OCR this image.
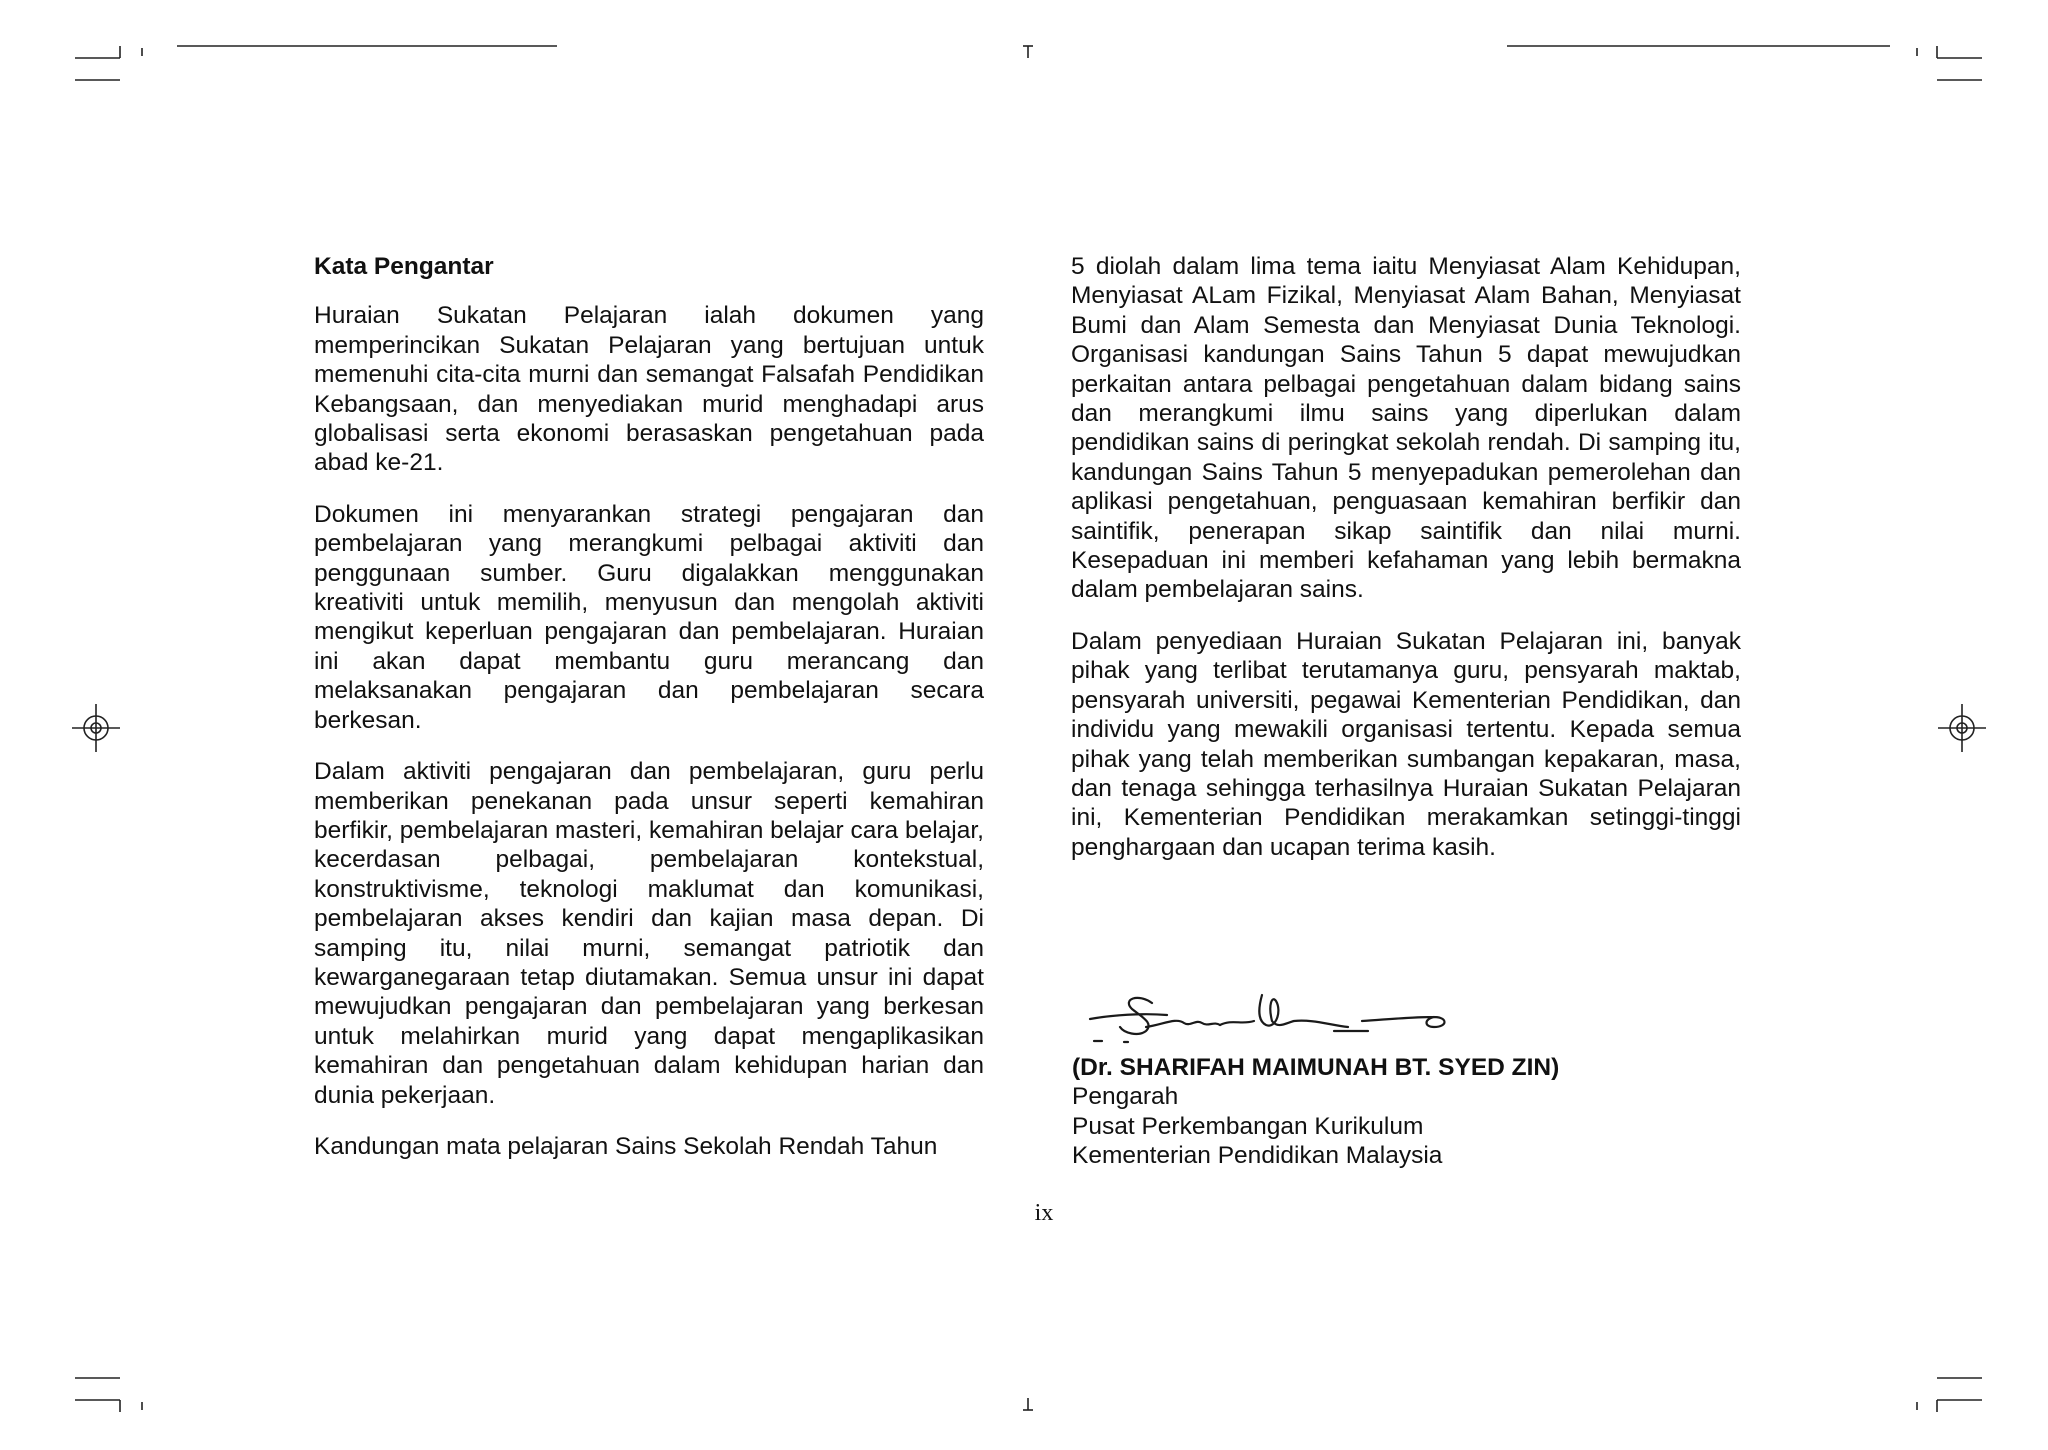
Kata Pengantar

Huraian Sukatan Pelajaran ialah dokumen yang memperincikan Sukatan Pelajaran yang bertujuan untuk memenuhi cita-cita murni dan semangat Falsafah Pendidikan Kebangsaan, dan menyediakan murid menghadapi arus globalisasi serta ekonomi berasaskan pengetahuan pada abad ke-21.

Dokumen ini menyarankan strategi pengajaran dan pembelajaran yang merangkumi pelbagai aktiviti dan penggunaan sumber. Guru digalakkan menggunakan kreativiti untuk memilih, menyusun dan mengolah aktiviti mengikut keperluan pengajaran dan pembelajaran. Huraian ini akan dapat membantu guru merancang dan melaksanakan pengajaran dan pembelajaran secara berkesan.

Dalam aktiviti pengajaran dan pembelajaran, guru perlu memberikan penekanan pada unsur seperti kemahiran berfikir, pembelajaran masteri, kemahiran belajar cara belajar, kecerdasan pelbagai, pembelajaran kontekstual, konstruktivisme, teknologi maklumat dan komunikasi, pembelajaran akses kendiri dan kajian masa depan. Di samping itu, nilai murni, semangat patriotik dan kewarganegaraan tetap diutamakan. Semua unsur ini dapat mewujudkan pengajaran dan pembelajaran yang berkesan untuk melahirkan murid yang dapat mengaplikasikan kemahiran dan pengetahuan dalam kehidupan harian dan dunia pekerjaan.

Kandungan mata pelajaran Sains Sekolah Rendah Tahun

5 diolah dalam lima tema iaitu Menyiasat Alam Kehidupan, Menyiasat ALam Fizikal, Menyiasat Alam Bahan, Menyiasat Bumi dan Alam Semesta dan Menyiasat Dunia Teknologi. Organisasi kandungan Sains Tahun 5 dapat mewujudkan perkaitan antara pelbagai pengetahuan dalam bidang sains dan merangkumi ilmu sains yang diperlukan dalam pendidikan sains di peringkat sekolah rendah. Di samping itu, kandungan Sains Tahun 5 menyepadukan pemerolehan dan aplikasi pengetahuan, penguasaan kemahiran berfikir dan saintifik, penerapan sikap saintifik dan nilai murni. Kesepaduan ini memberi kefahaman yang lebih bermakna dalam pembelajaran sains.

Dalam penyediaan Huraian Sukatan Pelajaran ini, banyak pihak yang terlibat terutamanya guru, pensyarah maktab, pensyarah universiti, pegawai Kementerian Pendidikan, dan individu yang mewakili organisasi tertentu. Kepada semua pihak yang telah memberikan sumbangan kepakaran, masa, dan tenaga sehingga terhasilnya Huraian Sukatan Pelajaran ini, Kementerian Pendidikan merakamkan setinggi-tinggi penghargaan dan ucapan terima kasih.

(Dr. SHARIFAH MAIMUNAH BT. SYED ZIN)
Pengarah
Pusat Perkembangan Kurikulum
Kementerian Pendidikan Malaysia
ix
